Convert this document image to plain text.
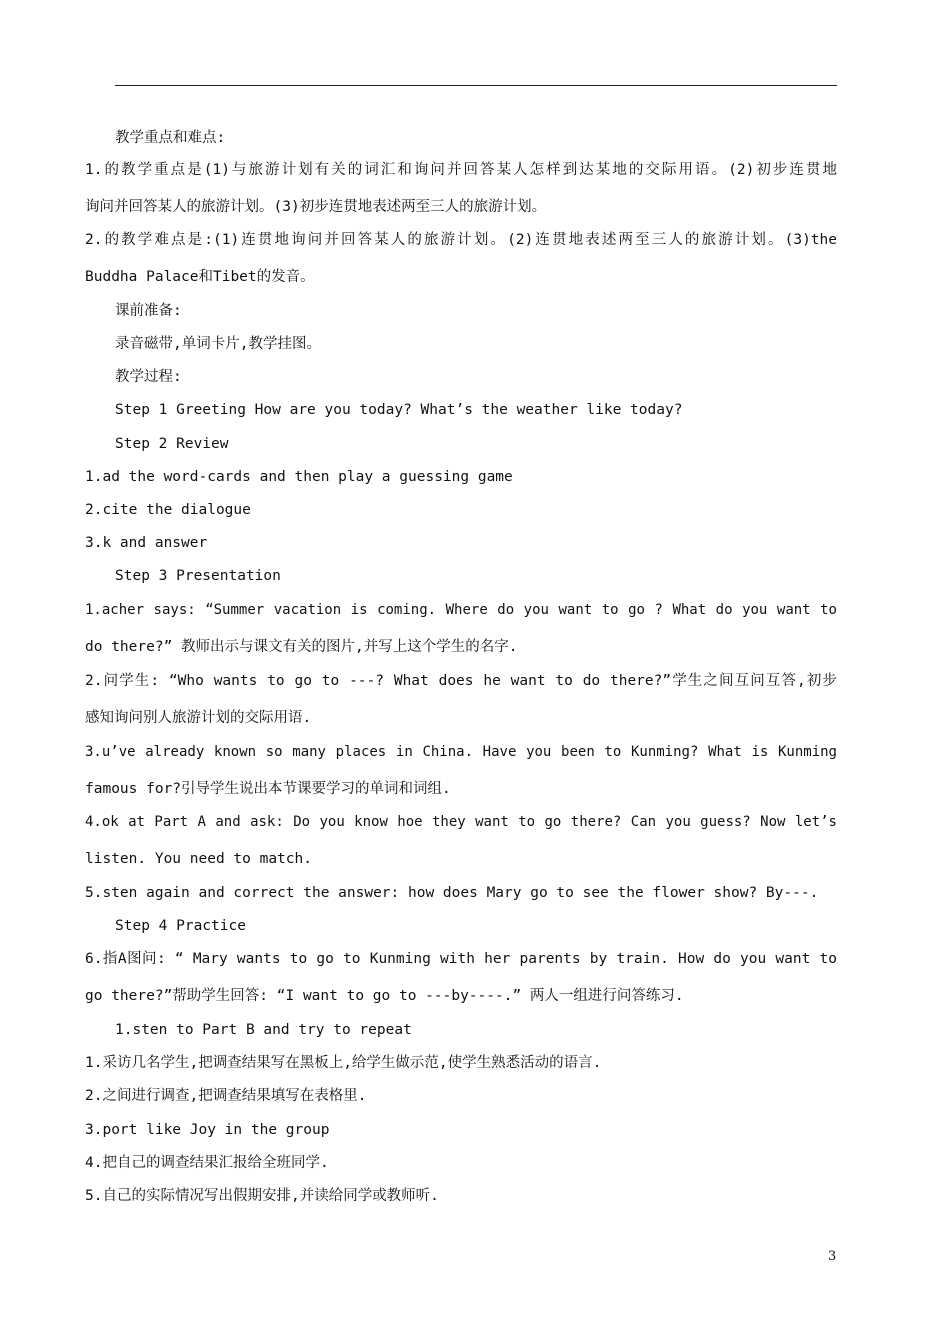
教学重点和难点:
1.的教学重点是(1)与旅游计划有关的词汇和询问并回答某人怎样到达某地的交际用语。(2)初步连贯地
询问并回答某人的旅游计划。(3)初步连贯地表述两至三人的旅游计划。
2.的教学难点是:(1)连贯地询问并回答某人的旅游计划。(2)连贯地表述两至三人的旅游计划。(3)the
Buddha Palace和Tibet的发音。
课前准备:
录音磁带,单词卡片,教学挂图。
教学过程:
Step 1 Greeting How are you today? What’s the weather like today?
Step 2 Review
1.ad the word-cards and then play a guessing game
2.cite the dialogue
3.k and answer
Step 3 Presentation
1.acher says: “Summer vacation is coming. Where do you want to go ? What do you want to
do there?” 教师出示与课文有关的图片,并写上这个学生的名字.
2.问学生: “Who wants to go to ---? What does he want to do there?”学生之间互问互答,初步
感知询问别人旅游计划的交际用语.
3.u’ve already known so many places in China. Have you been to Kunming? What is Kunming
famous for?引导学生说出本节课要学习的单词和词组.
4.ok at Part A and ask: Do you know hoe they want to go there? Can you guess? Now let’s
listen. You need to match.
5.sten again and correct the answer: how does Mary go to see the flower show? By---.
Step 4 Practice
6.指A图问: “ Mary wants to go to Kunming with her parents by train. How do you want to
go there?”帮助学生回答: “I want to go to ---by----.” 两人一组进行问答练习.
1.sten to Part B and try to repeat
1.采访几名学生,把调查结果写在黑板上,给学生做示范,使学生熟悉活动的语言.
2.之间进行调查,把调查结果填写在表格里.
3.port like Joy in the group
4.把自己的调查结果汇报给全班同学.
5.自己的实际情况写出假期安排,并读给同学或教师听.
3
